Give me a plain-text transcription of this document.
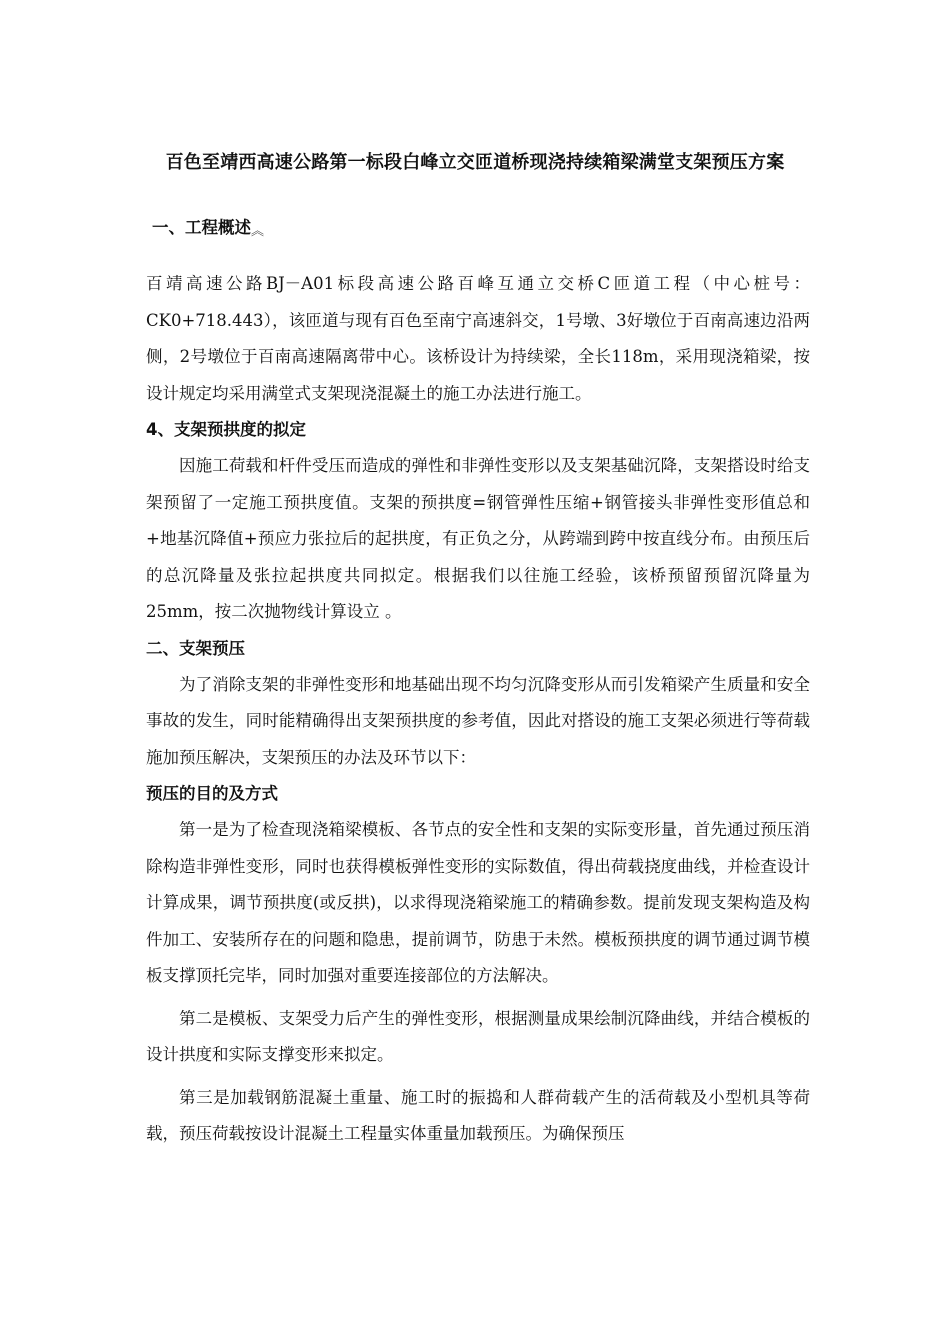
百色至靖西高速公路第一标段白峰立交匝道桥现浇持续箱梁满堂支架预压方案

一、工程概述︽

百靖高速公路BJ－A01标段高速公路百峰互通立交桥C匝道工程（中心桩号：CK0+718.443），该匝道与现有百色至南宁高速斜交，1号墩、3好墩位于百南高速边沿两侧，2号墩位于百南高速隔离带中心。该桥设计为持续梁，全长118m，采用现浇箱梁，按设计规定均采用满堂式支架现浇混凝土的施工办法进行施工。

4、支架预拱度的拟定

因施工荷载和杆件受压而造成的弹性和非弹性变形以及支架基础沉降，支架搭设时给支架预留了一定施工预拱度值。支架的预拱度=钢管弹性压缩+钢管接头非弹性变形值总和+地基沉降值+预应力张拉后的起拱度，有正负之分，从跨端到跨中按直线分布。由预压后的总沉降量及张拉起拱度共同拟定。根据我们以往施工经验，该桥预留预留沉降量为25mm，按二次抛物线计算设立 。

二、支架预压

为了消除支架的非弹性变形和地基础出现不均匀沉降变形从而引发箱梁产生质量和安全事故的发生，同时能精确得出支架预拱度的参考值，因此对搭设的施工支架必须进行等荷载施加预压解决，支架预压的办法及环节以下：

预压的目的及方式

第一是为了检查现浇箱梁模板、各节点的安全性和支架的实际变形量，首先通过预压消除构造非弹性变形，同时也获得模板弹性变形的实际数值，得出荷载挠度曲线，并检查设计计算成果，调节预拱度(或反拱)，以求得现浇箱梁施工的精确参数。提前发现支架构造及构件加工、安装所存在的问题和隐患，提前调节，防患于未然。模板预拱度的调节通过调节模板支撑顶托完毕，同时加强对重要连接部位的方法解决。

第二是模板、支架受力后产生的弹性变形，根据测量成果绘制沉降曲线，并结合模板的设计拱度和实际支撑变形来拟定。

第三是加载钢筋混凝土重量、施工时的振捣和人群荷载产生的活荷载及小型机具等荷载，预压荷载按设计混凝土工程量实体重量加载预压。为确保预压
